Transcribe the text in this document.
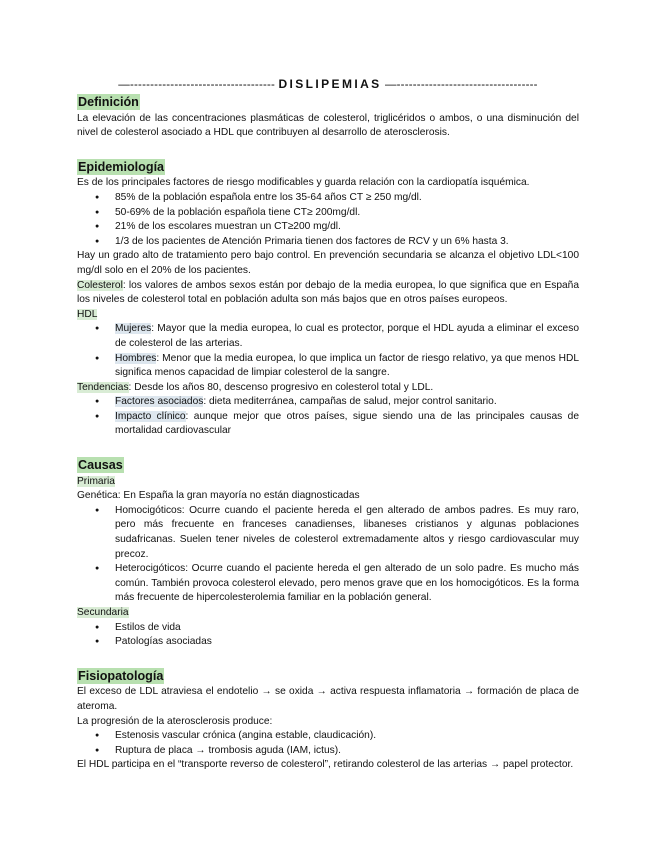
—------------------------------------ DISLIPEMIAS —-----------------------------------
Definición

La elevación de las concentraciones plasmáticas de colesterol, triglicéridos o ambos, o una disminución del nivel de colesterol asociado a HDL que contribuyen al desarrollo de aterosclerosis.

Epidemiología

Es de los principales factores de riesgo modificables y guarda relación con la cardiopatía isquémica.

● 85% de la población española entre los 35-64 años CT ≥ 250 mg/dl.
● 50-69% de la población española tiene CT≥ 200mg/dl.
● 21% de los escolares muestran un CT≥200 mg/dl.
● 1/3 de los pacientes de Atención Primaria tienen dos factores de RCV y un 6% hasta 3.

Hay un grado alto de tratamiento pero bajo control. En prevención secundaria se alcanza el objetivo LDL<100 mg/dl solo en el 20% de los pacientes.

Colesterol: los valores de ambos sexos están por debajo de la media europea, lo que significa que en España los niveles de colesterol total en población adulta son más bajos que en otros países europeos.

HDL

● Mujeres: Mayor que la media europea, lo cual es protector, porque el HDL ayuda a eliminar el exceso de colesterol de las arterias.
● Hombres: Menor que la media europea, lo que implica un factor de riesgo relativo, ya que menos HDL significa menos capacidad de limpiar colesterol de la sangre.

Tendencias: Desde los años 80, descenso progresivo en colesterol total y LDL.

● Factores asociados: dieta mediterránea, campañas de salud, mejor control sanitario.
● Impacto clínico: aunque mejor que otros países, sigue siendo una de las principales causas de mortalidad cardiovascular
Causas

Primaria

Genética: En España la gran mayoría no están diagnosticadas

● Homocigóticos: Ocurre cuando el paciente hereda el gen alterado de ambos padres. Es muy raro, pero más frecuente en franceses canadienses, libaneses cristianos y algunas poblaciones sudafricanas. Suelen tener niveles de colesterol extremadamente altos y riesgo cardiovascular muy precoz.
● Heterocigóticos: Ocurre cuando el paciente hereda el gen alterado de un solo padre. Es mucho más común. También provoca colesterol elevado, pero menos grave que en los homocigóticos. Es la forma más frecuente de hipercolesterolemia familiar en la población general.

Secundaria

● Estilos de vida
● Patologías asociadas
Fisiopatología

El exceso de LDL atraviesa el endotelio → se oxida → activa respuesta inflamatoria → formación de placa de ateroma.

La progresión de la aterosclerosis produce:

● Estenosis vascular crónica (angina estable, claudicación).
● Ruptura de placa → trombosis aguda (IAM, ictus).

El HDL participa en el “transporte reverso de colesterol”, retirando colesterol de las arterias → papel protector.
